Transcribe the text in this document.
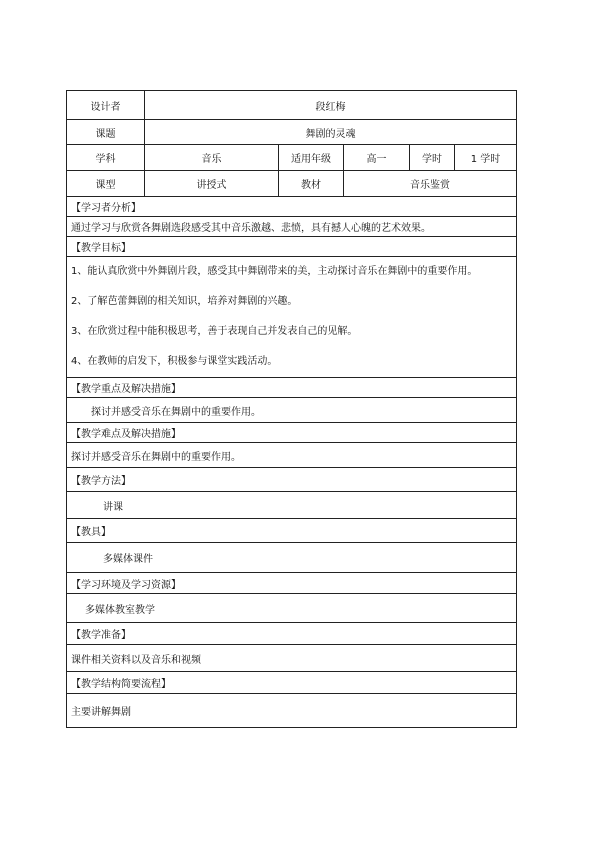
设计者	段红梅				
课题	舞剧的灵魂				
学科	音乐	适用年级	高一	学时	1 学时
课型	讲授式	教材	音乐鉴赏		
【学习者分析】					
通过学习与欣赏各舞剧选段感受其中音乐激越、悲愤，具有撼人心魄的艺术效果。					
【教学目标】					

1、能认真欣赏中外舞剧片段，感受其中舞剧带来的美，主动探讨音乐在舞剧中的重要作用。
2、了解芭蕾舞剧的相关知识，培养对舞剧的兴趣。
3、在欣赏过程中能积极思考，善于表现自己并发表自己的见解。
4、在教师的启发下，积极参与课堂实践活动。					

【教学重点及解决措施】					
探讨并感受音乐在舞剧中的重要作用。					
【教学难点及解决措施】					
探讨并感受音乐在舞剧中的重要作用。					
【教学方法】					
讲课					
【教具】					
多媒体课件					
【学习环境及学习资源】					
多媒体教室教学					
【教学准备】					
课件相关资料以及音乐和视频					
【教学结构简要流程】					
主要讲解舞剧					
